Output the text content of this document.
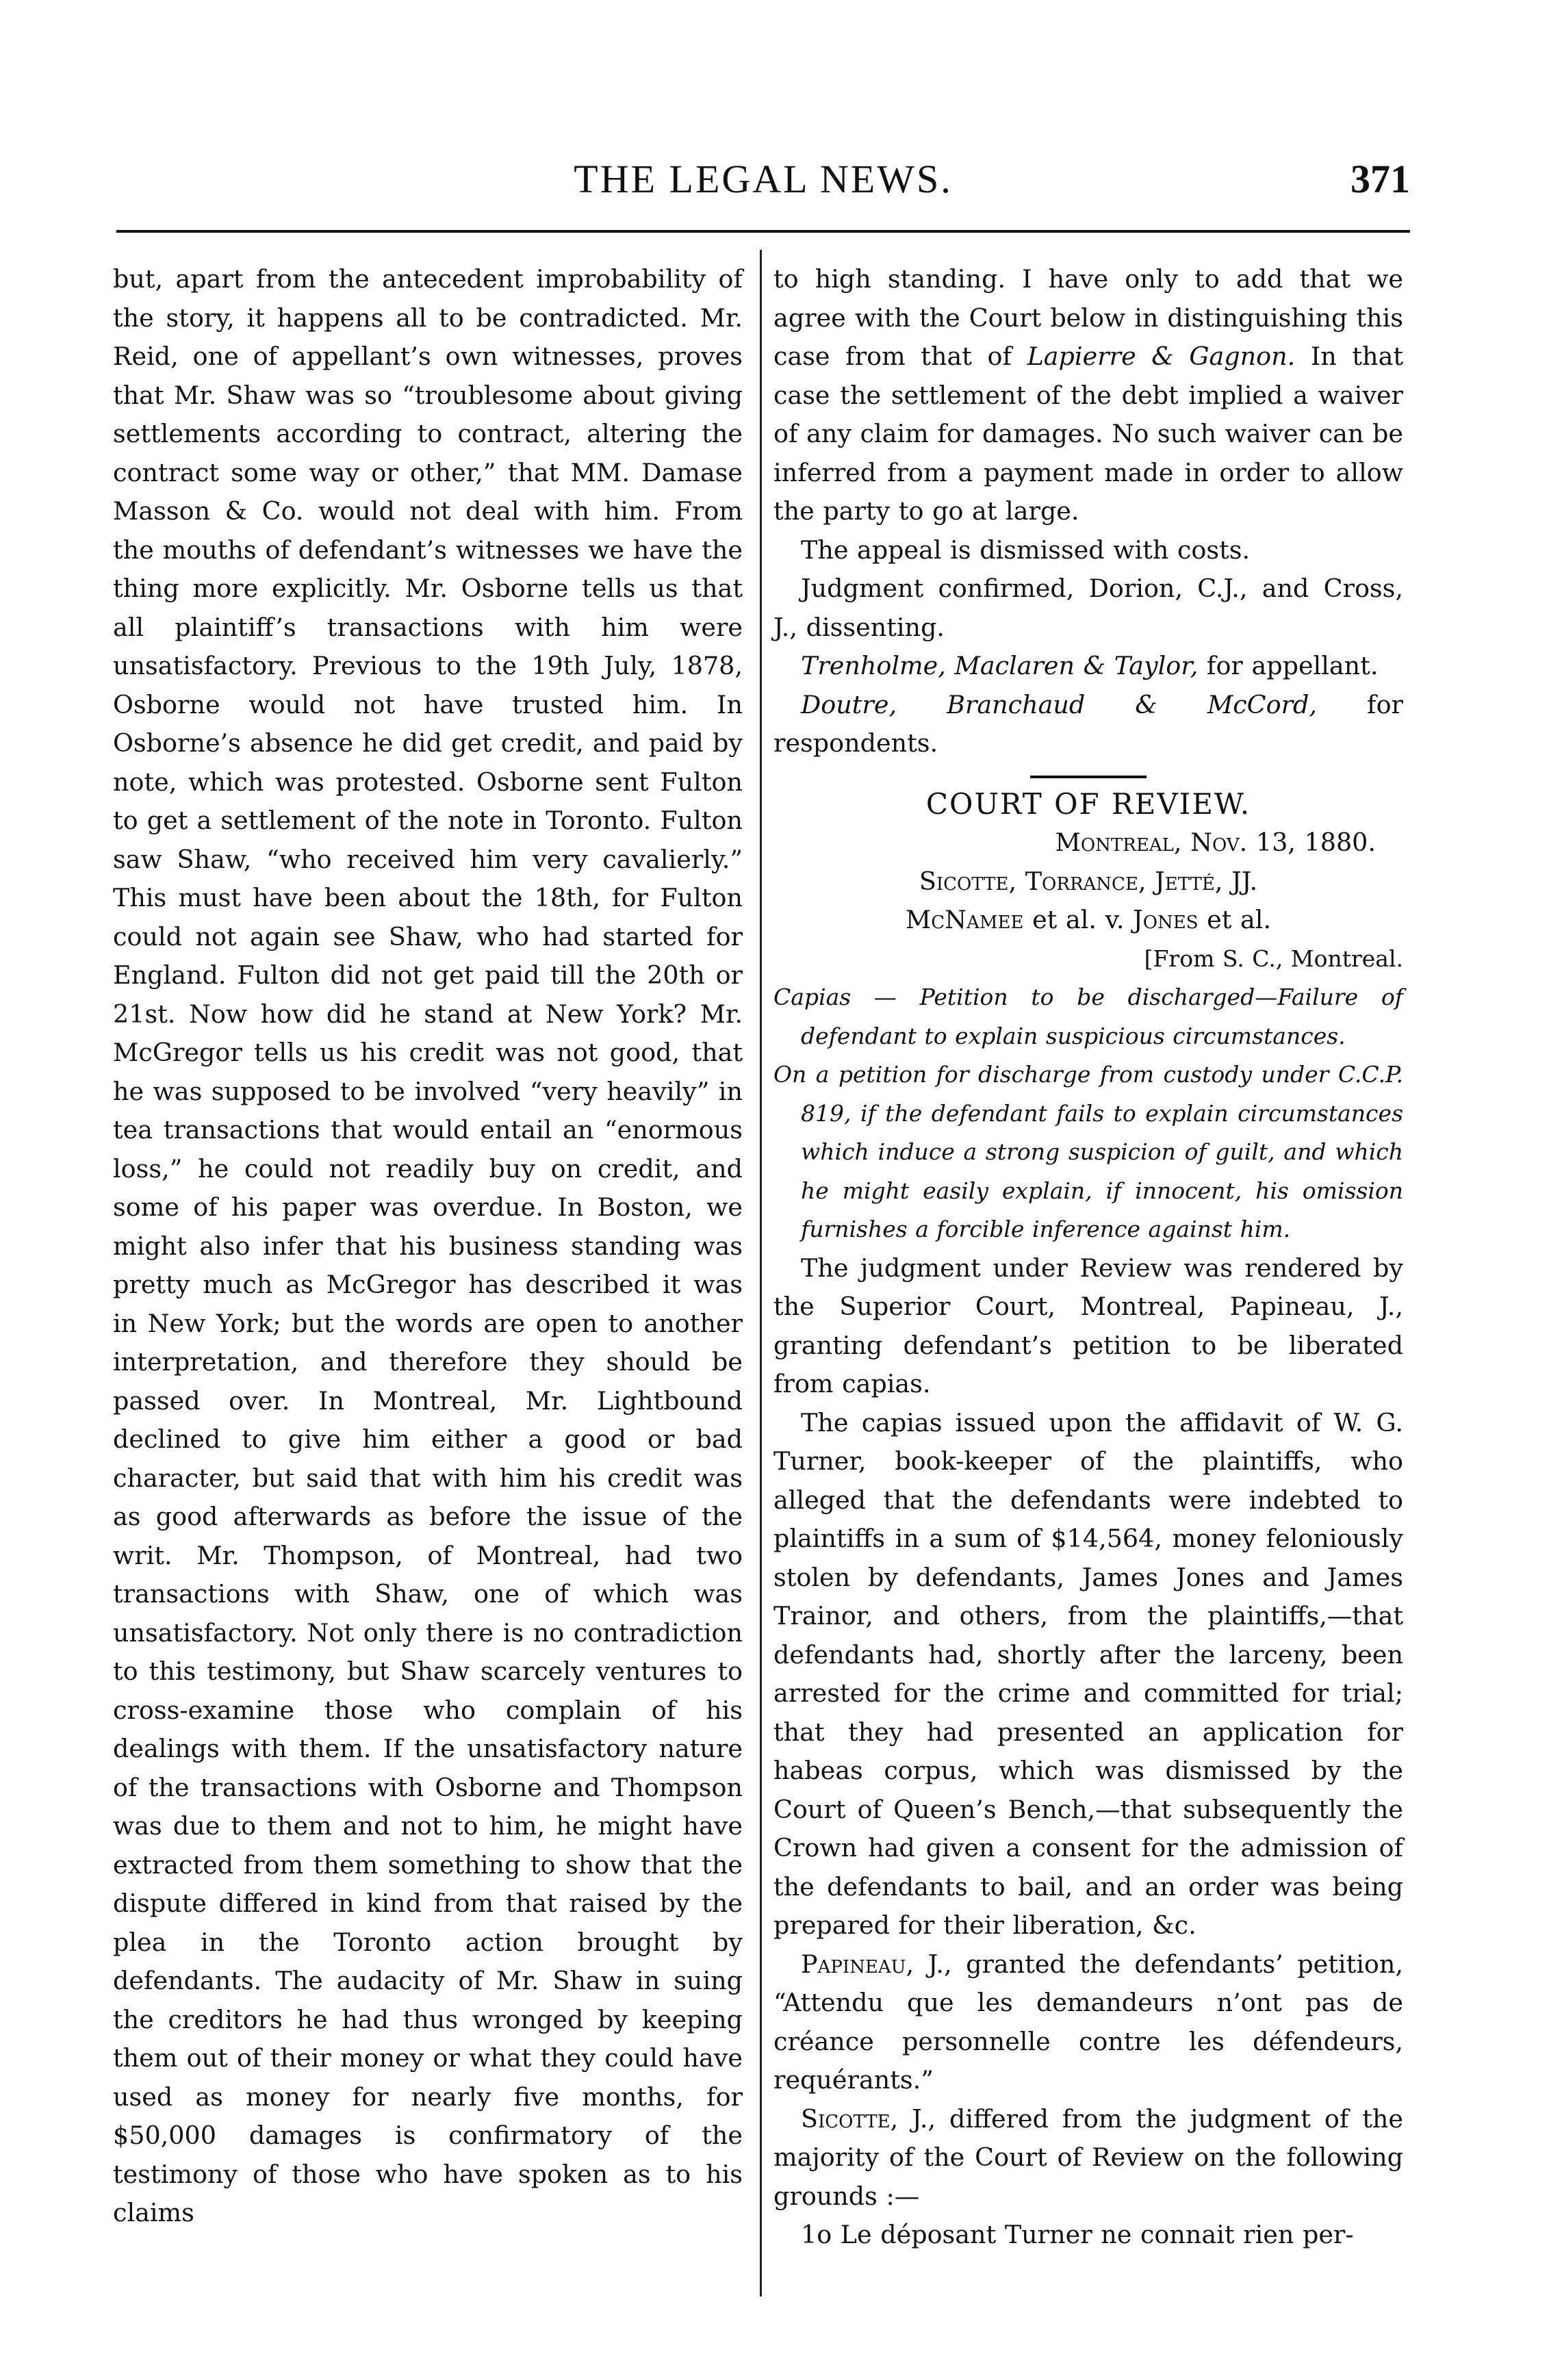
THE LEGAL NEWS.	371

but, apart from the antecedent improbability of the story, it happens all to be contradicted. Mr. Reid, one of appellant’s own witnesses, proves that Mr. Shaw was so “troublesome about giving settlements according to contract, altering the contract some way or other,” that MM. Damase Masson & Co. would not deal with him. From the mouths of defendant’s witnesses we have the thing more explicitly. Mr. Osborne tells us that all plaintiff’s transactions with him were unsatisfactory. Previous to the 19th July, 1878, Osborne would not have trusted him. In Osborne’s absence he did get credit, and paid by note, which was protested. Osborne sent Fulton to get a settlement of the note in Toronto. Fulton saw Shaw, “who received him very cavalierly.” This must have been about the 18th, for Fulton could not again see Shaw, who had started for England. Fulton did not get paid till the 20th or 21st. Now how did he stand at New York? Mr. McGregor tells us his credit was not good, that he was supposed to be involved “very heavily” in tea transactions that would entail an “enormous loss,” he could not readily buy on credit, and some of his paper was overdue. In Boston, we might also infer that his business standing was pretty much as McGregor has described it was in New York; but the words are open to another interpretation, and therefore they should be passed over. In Montreal, Mr. Lightbound declined to give him either a good or bad character, but said that with him his credit was as good afterwards as before the issue of the writ. Mr. Thompson, of Montreal, had two transactions with Shaw, one of which was unsatisfactory. Not only there is no contradiction to this testimony, but Shaw scarcely ventures to cross-examine those who complain of his dealings with them. If the unsatisfactory nature of the transactions with Osborne and Thompson was due to them and not to him, he might have extracted from them something to show that the dispute differed in kind from that raised by the plea in the Toronto action brought by defendants. The audacity of Mr. Shaw in suing the creditors he had thus wronged by keeping them out of their money or what they could have used as money for nearly five months, for $50,000 damages is confirmatory of the testimony of those who have spoken as to his claims

to high standing. I have only to add that we agree with the Court below in distinguishing this case from that of Lapierre & Gagnon. In that case the settlement of the debt implied a waiver of any claim for damages. No such waiver can be inferred from a payment made in order to allow the party to go at large.

The appeal is dismissed with costs.

Judgment confirmed, Dorion, C.J., and Cross, J., dissenting.

Trenholme, Maclaren & Taylor, for appellant.

Doutre, Branchaud & McCord, for respondents.

COURT OF REVIEW.

Montreal, Nov. 13, 1880.

Sicotte, Torrance, Jetté, JJ.

McNamee et al. v. Jones et al.

[From S. C., Montreal.

Capias — Petition to be discharged—Failure of defendant to explain suspicious circumstances.

On a petition for discharge from custody under C.C.P. 819, if the defendant fails to explain circumstances which induce a strong suspicion of guilt, and which he might easily explain, if innocent, his omission furnishes a forcible inference against him.

The judgment under Review was rendered by the Superior Court, Montreal, Papineau, J., granting defendant’s petition to be liberated from capias.

The capias issued upon the affidavit of W. G. Turner, book-keeper of the plaintiffs, who alleged that the defendants were indebted to plaintiffs in a sum of $14,564, money feloniously stolen by defendants, James Jones and James Trainor, and others, from the plaintiffs,—that defendants had, shortly after the larceny, been arrested for the crime and committed for trial; that they had presented an application for habeas corpus, which was dismissed by the Court of Queen’s Bench,—that subsequently the Crown had given a consent for the admission of the defendants to bail, and an order was being prepared for their liberation, &c.

Papineau, J., granted the defendants’ petition, “Attendu que les demandeurs n’ont pas de créance personnelle contre les défendeurs, requérants.”

Sicotte, J., differed from the judgment of the majority of the Court of Review on the following grounds :—

1o Le déposant Turner ne connait rien per-
